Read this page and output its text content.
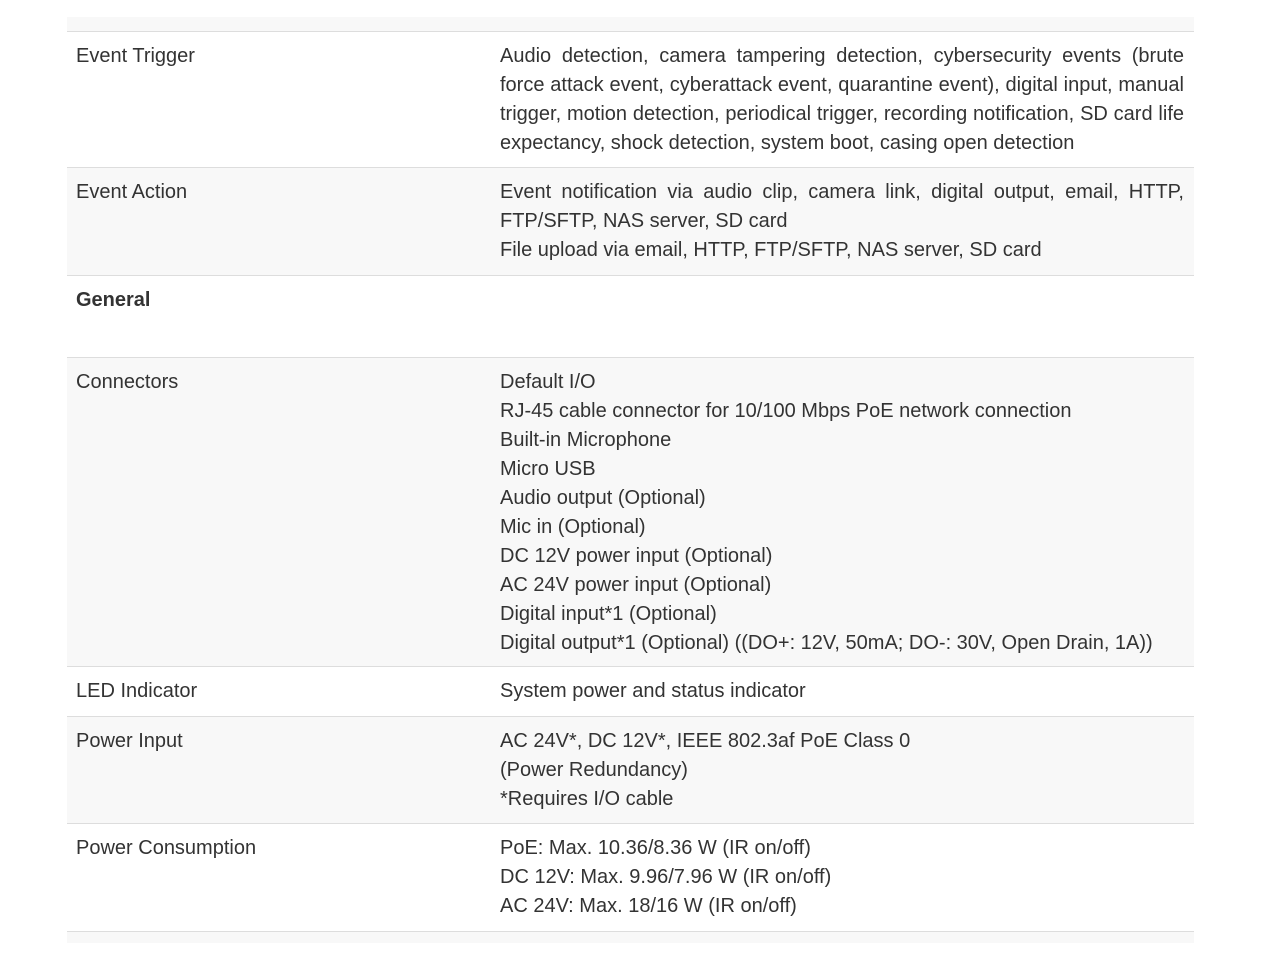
Event Trigger	Audio detection, camera tampering detection, cybersecurity events (brute force attack event, cyberattack event, quarantine event), digital input, manual trigger, motion detection, periodical trigger, recording notification, SD card life expectancy, shock detection, system boot, casing open detection
Event Action	Event notification via audio clip, camera link, digital output, email, HTTP, FTP/SFTP, NAS server, SD card
File upload via email, HTTP, FTP/SFTP, NAS server, SD card
General
Connectors	Default I/O
RJ-45 cable connector for 10/100 Mbps PoE network connection
Built-in Microphone
Micro USB
Audio output (Optional)
Mic in (Optional)
DC 12V power input (Optional)
AC 24V power input (Optional)
Digital input*1 (Optional)
Digital output*1 (Optional) ((DO+: 12V, 50mA; DO-: 30V, Open Drain, 1A))
LED Indicator	System power and status indicator
Power Input	AC 24V*, DC 12V*, IEEE 802.3af PoE Class 0
(Power Redundancy)
*Requires I/O cable
Power Consumption	PoE: Max. 10.36/8.36 W (IR on/off)
DC 12V: Max. 9.96/7.96 W (IR on/off)
AC 24V: Max. 18/16 W (IR on/off)
